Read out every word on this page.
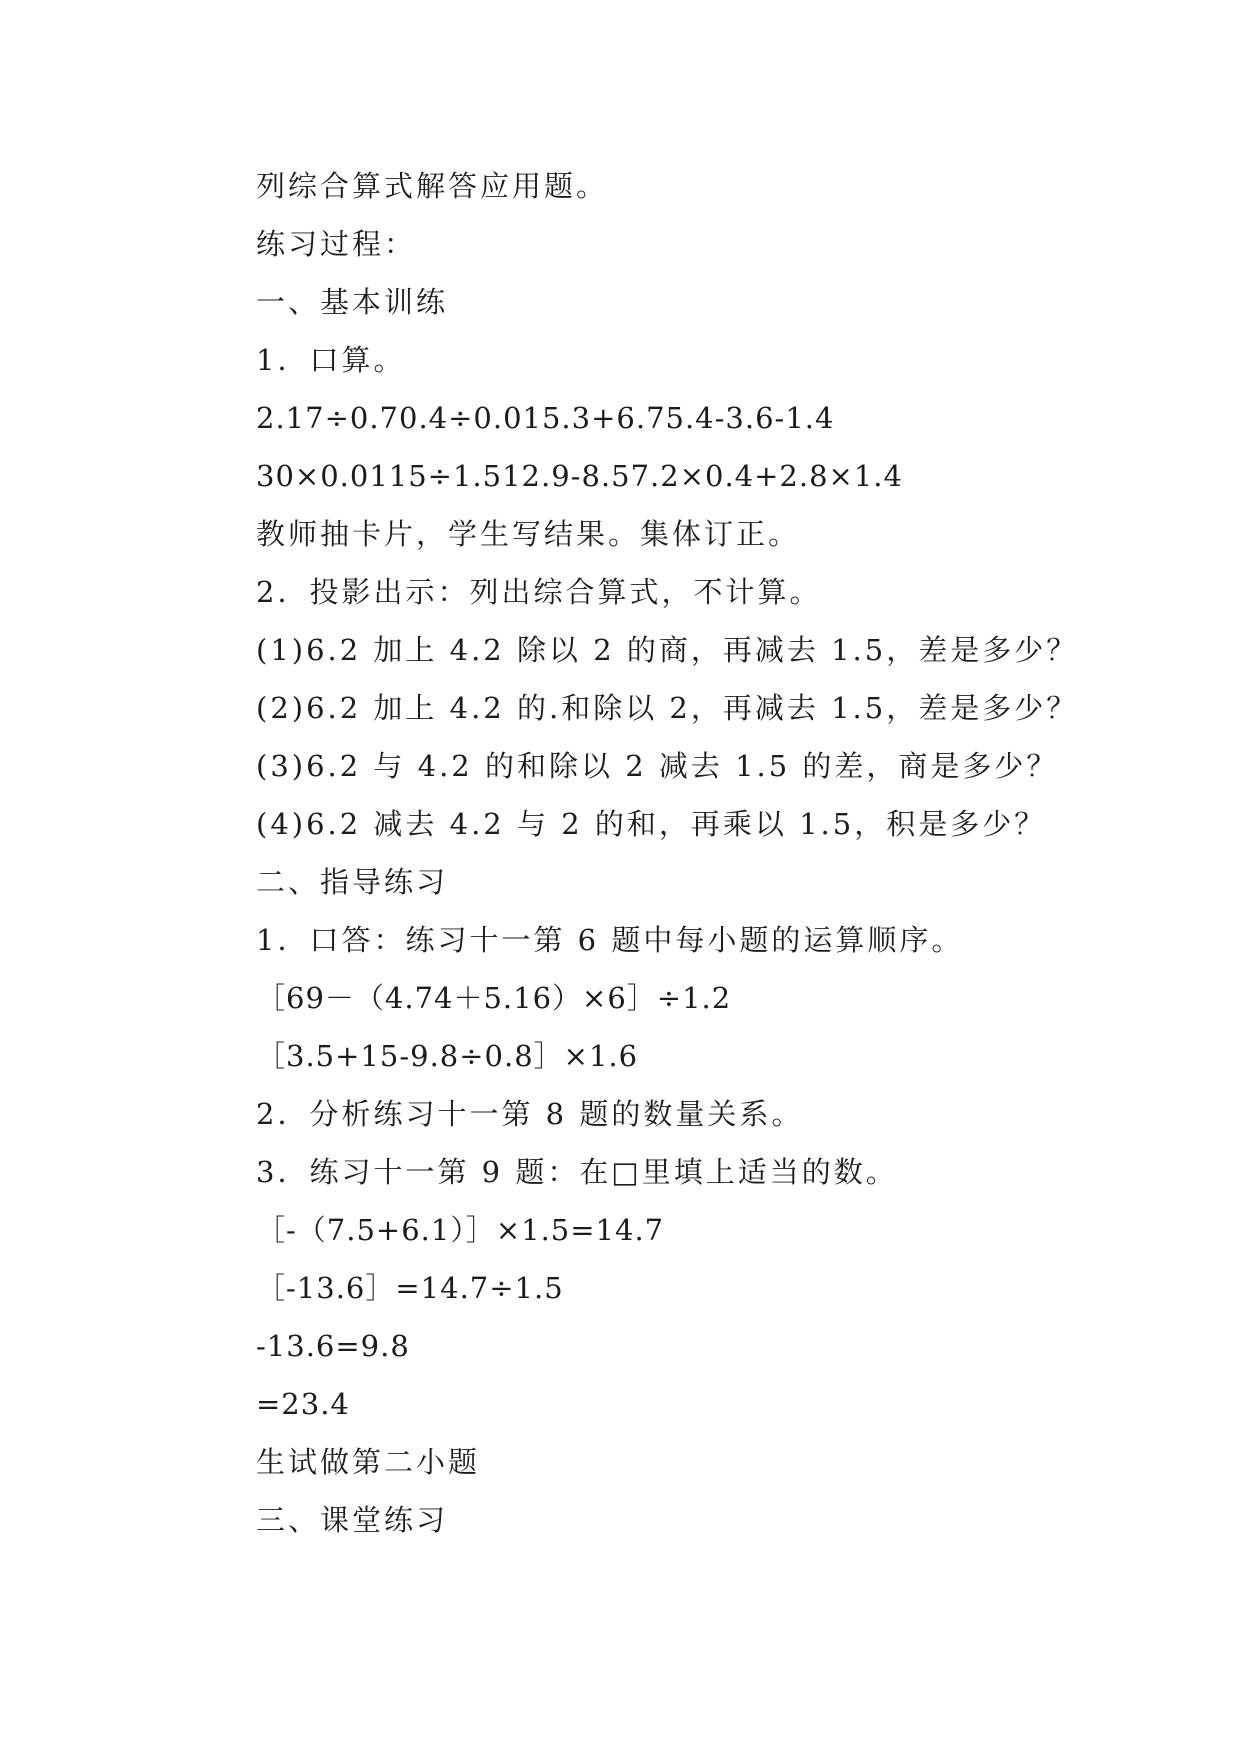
列综合算式解答应用题。
练习过程：
一、基本训练
1．口算。
2.17÷0.70.4÷0.015.3+6.75.4-3.6-1.4
30×0.0115÷1.512.9-8.57.2×0.4+2.8×1.4
教师抽卡片，学生写结果。集体订正。
2．投影出示：列出综合算式，不计算。
(1)6.2 加上 4.2 除以 2 的商，再减去 1.5，差是多少？
(2)6.2 加上 4.2 的.和除以 2，再减去 1.5，差是多少？
(3)6.2 与 4.2 的和除以 2 减去 1.5 的差，商是多少？
(4)6.2 减去 4.2 与 2 的和，再乘以 1.5，积是多少？
二、指导练习
1．口答：练习十一第 6 题中每小题的运算顺序。
［69－（4.74＋5.16）×6］÷1.2
［3.5+15-9.8÷0.8］×1.6
2．分析练习十一第 8 题的数量关系。
3．练习十一第 9 题：在□里填上适当的数。
［-（7.5+6.1）］×1.5=14.7
［-13.6］=14.7÷1.5
-13.6=9.8
=23.4
生试做第二小题
三、课堂练习
